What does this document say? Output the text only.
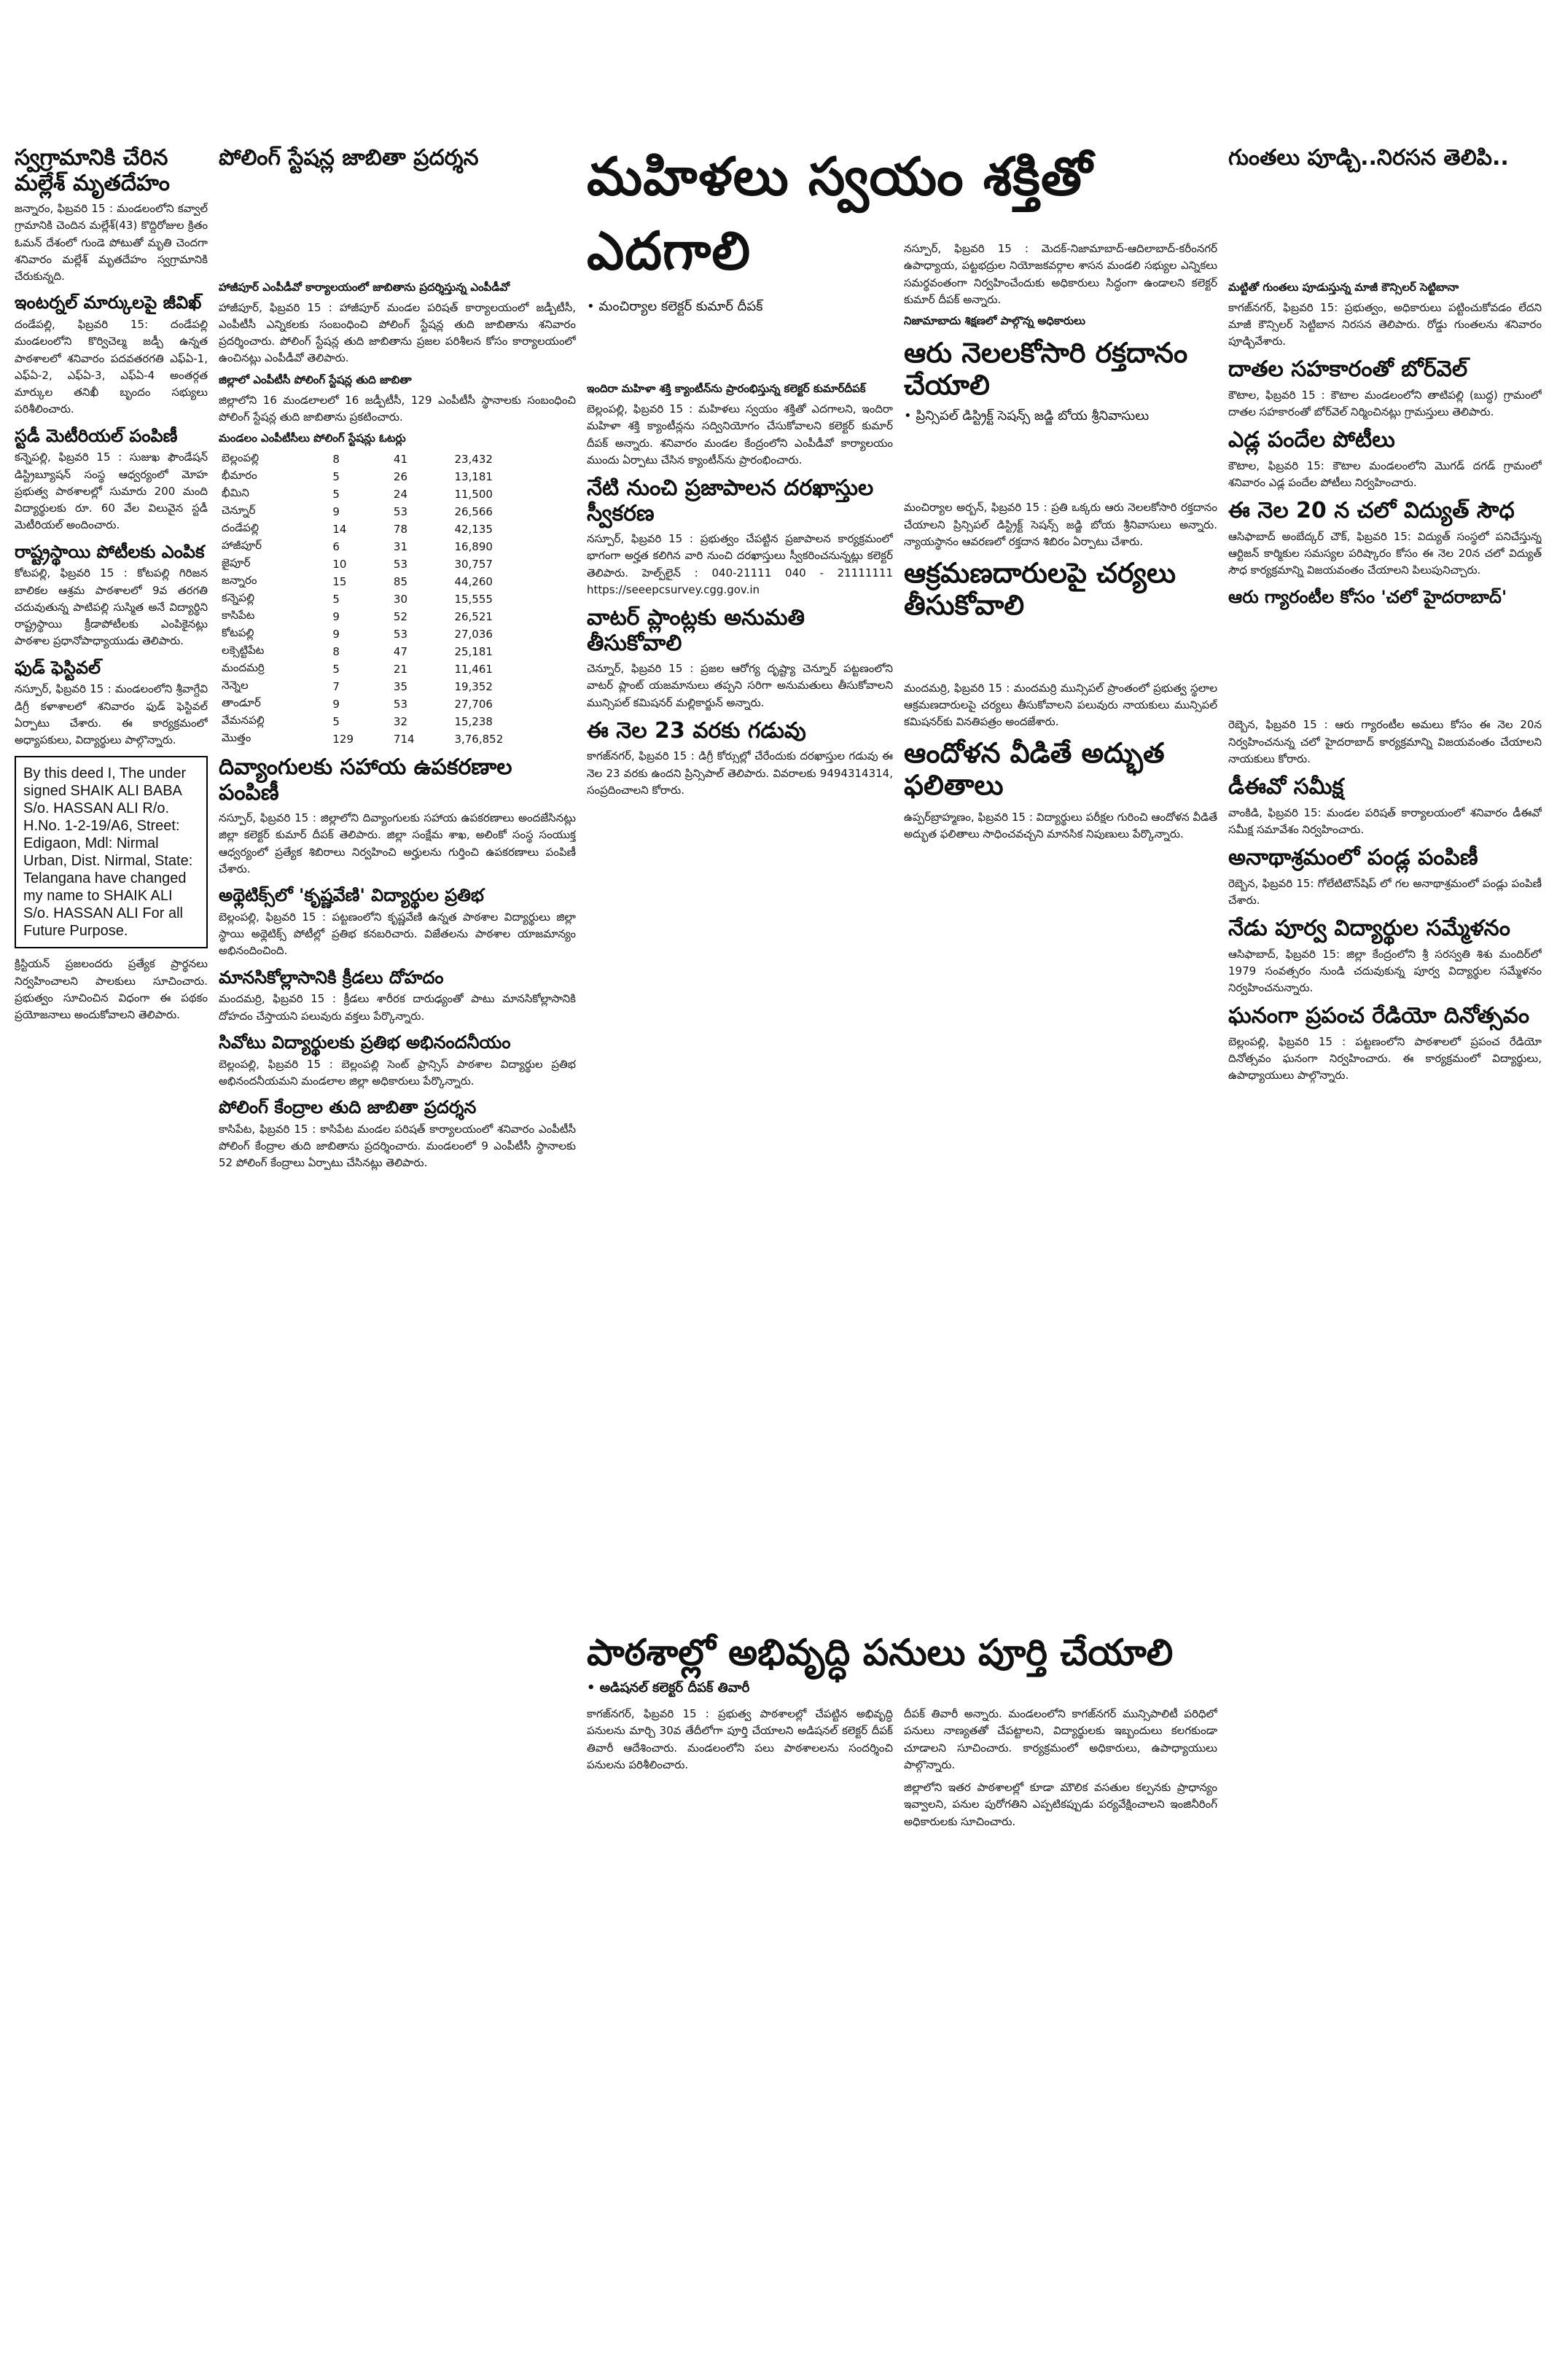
మహిళలు స్వయం శక్తితో ఎదగాలి
• మంచిర్యాల కలెక్టర్ కుమార్ దీపక్
స్వగ్రామానికి చేరిన మల్లేశ్ మృతదేహం

జన్నారం, ఫిబ్రవరి 15 : మండలంలోని కవ్వాల్ గ్రామానికి చెందిన మల్లేశ్(43) కొద్దిరోజుల క్రితం ఓమన్ దేశంలో గుండె పోటుతో మృతి చెందగా శనివారం మల్లేశ్ మృతదేహం స్వగ్రామానికి చేరుకున్నది.

ఇంటర్నల్ మార్కులపై జీవిఖ్

దండేపల్లి, ఫిబ్రవరి 15: దండేపల్లి మండలంలోని కొర్విచెల్మ జడ్పీ ఉన్నత పాఠశాలలో శనివారం పదవతరగతి ఎఫ్ఏ-1, ఎఫ్ఏ-2, ఎఫ్ఏ-3, ఎఫ్ఏ-4 అంతర్గత మార్కుల తనిఖీ బృందం సభ్యులు పరిశీలించారు.

స్టడీ మెటీరియల్ పంపిణీ

కన్నెపల్లి, ఫిబ్రవరి 15 : సుజుఖ ఫౌండేషన్ డిస్ట్రిబ్యూషన్ సంస్థ ఆధ్వర్యంలో మోహ ప్రభుత్వ పాఠశాలల్లో సుమారు 200 మంది విద్యార్థులకు రూ. 60 వేల విలువైన స్టడీ మెటీరియల్ అందించారు.

రాష్ట్రస్థాయి పోటీలకు ఎంపిక

కోటపల్లి, ఫిబ్రవరి 15 : కోటపల్లి గిరిజన బాలికల ఆశ్రమ పాఠశాలలో 9వ తరగతి చదువుతున్న పాటిపల్లి సుస్మిత అనే విద్యార్థిని రాష్ట్రస్థాయి క్రీడాపోటీలకు ఎంపికైనట్లు పాఠశాల ప్రధానోపాధ్యాయుడు తెలిపారు.

ఫుడ్ ఫెస్టివల్

నస్పూర్, ఫిబ్రవరి 15 : మండలంలోని శ్రీవాగ్దేవి డిగ్రీ కళాశాలలో శనివారం ఫుడ్ ఫెస్టివల్ ఏర్పాటు చేశారు. ఈ కార్యక్రమంలో అధ్యాపకులు, విద్యార్థులు పాల్గొన్నారు.

By this deed I, The under signed SHAIK ALI BABA S/o. HASSAN ALI R/o. H.No. 1-2-19/A6, Street: Edigaon, Mdl: Nirmal Urban, Dist. Nirmal, State: Telangana have changed my name to SHAIK ALI S/o. HASSAN ALI For all Future Purpose.

క్రిస్టియన్ ప్రజలందరు ప్రత్యేక ప్రార్థనలు నిర్వహించాలని పాలకులు సూచించారు. ప్రభుత్వం సూచించిన విధంగా ఈ పథకం ప్రయోజనాలు అందుకోవాలని తెలిపారు.

పోలింగ్ స్టేషన్ల జాబితా ప్రదర్శన
హాజీపూర్ ఎంపీడీవో కార్యాలయంలో జాబితాను ప్రదర్శిస్తున్న ఎంపీడీవో

హాజీపూర్, ఫిబ్రవరి 15 : హాజీపూర్ మండల పరిషత్ కార్యాలయంలో జడ్పీటీసీ, ఎంపీటీసీ ఎన్నికలకు సంబంధించి పోలింగ్ స్టేషన్ల తుది జాబితాను శనివారం ప్రదర్శించారు. పోలింగ్ స్టేషన్ల తుది జాబితాను ప్రజల పరిశీలన కోసం కార్యాలయంలో ఉంచినట్లు ఎంపీడీవో తెలిపారు.

జిల్లాలో ఎంపీటీసీ పోలింగ్ స్టేషన్ల తుది జాబితా

జిల్లాలోని 16 మండలాలలో 16 జడ్పీటీసీ, 129 ఎంపీటీసీ స్థానాలకు సంబంధించి పోలింగ్ స్టేషన్ల తుది జాబితాను ప్రకటించారు.

మండలం ఎంపీటీసీలు పోలింగ్ స్టేషన్లు ఓటర్లు
బెల్లంపల్లి	8	41	23,432
భీమారం	5	26	13,181
భీమిని	5	24	11,500
చెన్నూర్	9	53	26,566
దండేపల్లి	14	78	42,135
హాజీపూర్	6	31	16,890
జైపూర్	10	53	30,757
జన్నారం	15	85	44,260
కన్నెపల్లి	5	30	15,555
కాసిపేట	9	52	26,521
కోటపల్లి	9	53	27,036
లక్సెట్టిపేట	8	47	25,181
మందమర్రి	5	21	11,461
నెన్నెల	7	35	19,352
తాండూర్	9	53	27,706
వేమనపల్లి	5	32	15,238
మొత్తం	129	714	3,76,852
దివ్యాంగులకు సహాయ ఉపకరణాల పంపిణీ

నస్పూర్, ఫిబ్రవరి 15 : జిల్లాలోని దివ్యాంగులకు సహాయ ఉపకరణాలు అందజేసినట్లు జిల్లా కలెక్టర్ కుమార్ దీపక్ తెలిపారు. జిల్లా సంక్షేమ శాఖ, అలింకో సంస్థ సంయుక్త ఆధ్వర్యంలో ప్రత్యేక శిబిరాలు నిర్వహించి అర్హులను గుర్తించి ఉపకరణాలు పంపిణీ చేశారు.

అథ్లెటిక్స్‌లో 'కృష్ణవేణి' విద్యార్థుల ప్రతిభ

బెల్లంపల్లి, ఫిబ్రవరి 15 : పట్టణంలోని కృష్ణవేణి ఉన్నత పాఠశాల విద్యార్థులు జిల్లా స్థాయి అథ్లెటిక్స్ పోటీల్లో ప్రతిభ కనబరిచారు. విజేతలను పాఠశాల యాజమాన్యం అభినందించింది.

మానసికోల్లాసానికి క్రీడలు దోహదం

మందమర్రి, ఫిబ్రవరి 15 : క్రీడలు శారీరక దారుఢ్యంతో పాటు మానసికోల్లాసానికి దోహదం చేస్తాయని పలువురు వక్తలు పేర్కొన్నారు.

సివోటు విద్యార్థులకు ప్రతిభ అభినందనీయం

బెల్లంపల్లి, ఫిబ్రవరి 15 : బెల్లంపల్లి సెంట్ ఫ్రాన్సిస్ పాఠశాల విద్యార్థుల ప్రతిభ అభినందనీయమని మండలాల జిల్లా అధికారులు పేర్కొన్నారు.

పోలింగ్ కేంద్రాల తుది జాబితా ప్రదర్శన

కాసిపేట, ఫిబ్రవరి 15 : కాసిపేట మండల పరిషత్ కార్యాలయంలో శనివారం ఎంపీటీసీ పోలింగ్ కేంద్రాల తుది జాబితాను ప్రదర్శించారు. మండలంలో 9 ఎంపీటీసీ స్థానాలకు 52 పోలింగ్ కేంద్రాలు ఏర్పాటు చేసినట్లు తెలిపారు.

ఇందిరా మహిళా శక్తి క్యాంటీన్‌ను ప్రారంభిస్తున్న కలెక్టర్ కుమార్‌దీపక్

బెల్లంపల్లి, ఫిబ్రవరి 15 : మహిళలు స్వయం శక్తితో ఎదగాలని, ఇందిరా మహిళా శక్తి క్యాంటీన్లను సద్వినియోగం చేసుకోవాలని కలెక్టర్ కుమార్ దీపక్ అన్నారు. శనివారం మండల కేంద్రంలోని ఎంపీడీవో కార్యాలయం ముందు ఏర్పాటు చేసిన క్యాంటీన్‌ను ప్రారంభించారు.

నేటి నుంచి ప్రజాపాలన దరఖాస్తుల స్వీకరణ

నస్పూర్, ఫిబ్రవరి 15 : ప్రభుత్వం చేపట్టిన ప్రజాపాలన కార్యక్రమంలో భాగంగా అర్హత కలిగిన వారి నుంచి దరఖాస్తులు స్వీకరించనున్నట్లు కలెక్టర్ తెలిపారు. హెల్ప్‌లైన్ : 040-21111 040 - 21111111 https://seeepcsurvey.cgg.gov.in

వాటర్ ప్లాంట్లకు అనుమతి తీసుకోవాలి

చెన్నూర్, ఫిబ్రవరి 15 : ప్రజల ఆరోగ్య దృష్ట్యా చెన్నూర్ పట్టణంలోని వాటర్ ప్లాంట్ యజమానులు తప్పని సరిగా అనుమతులు తీసుకోవాలని మున్సిపల్ కమిషనర్ మల్లికార్జున్ అన్నారు.

ఈ నెల 23 వరకు గడువు

కాగజ్‌నగర్, ఫిబ్రవరి 15 : డిగ్రీ కోర్సుల్లో చేరేందుకు దరఖాస్తుల గడువు ఈ నెల 23 వరకు ఉందని ప్రిన్సిపాల్ తెలిపారు. వివరాలకు 9494314314, సంప్రదించాలని కోరారు.

నస్పూర్, ఫిబ్రవరి 15 : మెదక్-నిజామాబాద్-ఆదిలాబాద్-కరీంనగర్ ఉపాధ్యాయ, పట్టభద్రుల నియోజకవర్గాల శాసన మండలి సభ్యుల ఎన్నికలు సమర్థవంతంగా నిర్వహించేందుకు అధికారులు సిద్ధంగా ఉండాలని కలెక్టర్ కుమార్ దీపక్ అన్నారు.

నిజామాబాదు శిక్షణలో పాల్గొన్న అధికారులు
ఆరు నెలలకోసారి రక్తదానం చేయాలి
• ప్రిన్సిపల్ డిస్ట్రిక్ట్ సెషన్స్ జడ్జి బోయ శ్రీనివాసులు

మంచిర్యాల అర్బన్, ఫిబ్రవరి 15 : ప్రతి ఒక్కరు ఆరు నెలలకోసారి రక్తదానం చేయాలని ప్రిన్సిపల్ డిస్ట్రిక్ట్ సెషన్స్ జడ్జి బోయ శ్రీనివాసులు అన్నారు. న్యాయస్థానం ఆవరణలో రక్తదాన శిబిరం ఏర్పాటు చేశారు.

ఆక్రమణదారులపై చర్యలు తీసుకోవాలి

మందమర్రి, ఫిబ్రవరి 15 : మందమర్రి మున్సిపల్ ప్రాంతంలో ప్రభుత్వ స్థలాల ఆక్రమణదారులపై చర్యలు తీసుకోవాలని పలువురు నాయకులు మున్సిపల్ కమిషనర్‌కు వినతిపత్రం అందజేశారు.

ఆందోళన వీడితే అద్భుత ఫలితాలు

ఉప్పర్‌బ్రాహ్మణం, ఫిబ్రవరి 15 : విద్యార్థులు పరీక్షల గురించి ఆందోళన వీడితే అద్భుత ఫలితాలు సాధించవచ్చని మానసిక నిపుణులు పేర్కొన్నారు.

పాఠశాల్లో అభివృద్ధి పనులు పూర్తి చేయాలి
• అడిషనల్ కలెక్టర్ దీపక్ తివారీ

కాగజ్‌నగర్, ఫిబ్రవరి 15 : ప్రభుత్వ పాఠశాలల్లో చేపట్టిన అభివృద్ధి పనులను మార్చి 30వ తేదీలోగా పూర్తి చేయాలని అడిషనల్ కలెక్టర్ దీపక్ తివారీ ఆదేశించారు. మండలంలోని పలు పాఠశాలలను సందర్శించి పనులను పరిశీలించారు.

దీపక్ తివారీ అన్నారు. మండలంలోని కాగజ్‌నగర్ మున్సిపాలిటీ పరిధిలో పనులు నాణ్యతతో చేపట్టాలని, విద్యార్థులకు ఇబ్బందులు కలగకుండా చూడాలని సూచించారు. కార్యక్రమంలో అధికారులు, ఉపాధ్యాయులు పాల్గొన్నారు.

జిల్లాలోని ఇతర పాఠశాలల్లో కూడా మౌలిక వసతుల కల్పనకు ప్రాధాన్యం ఇవ్వాలని, పనుల పురోగతిని ఎప్పటికప్పుడు పర్యవేక్షించాలని ఇంజినీరింగ్ అధికారులకు సూచించారు.

గుంతలు పూడ్చి..నిరసన తెలిపి..
మట్టితో గుంతలు పూడుస్తున్న మాజీ కౌన్సిలర్ సెట్టిబానా

కాగజ్‌నగర్, ఫిబ్రవరి 15: ప్రభుత్వం, అధికారులు పట్టించుకోవడం లేదని మాజీ కౌన్సిలర్ సెట్టిబాన నిరసన తెలిపారు. రోడ్డు గుంతలను శనివారం పూడ్చివేశారు.

దాతల సహకారంతో బోర్‌వెల్

కౌటాల, ఫిబ్రవరి 15 : కౌటాల మండలంలోని తాటిపల్లి (బుద్ధ) గ్రామంలో దాతల సహకారంతో బోర్‌వెల్ నిర్మించినట్లు గ్రామస్తులు తెలిపారు.

ఎడ్ల పందేల పోటీలు

కౌటాల, ఫిబ్రవరి 15: కౌటాల మండలంలోని మొగడ్ దగడ్ గ్రామంలో శనివారం ఎడ్ల పందేల పోటీలు నిర్వహించారు.

ఈ నెల 20 న చలో విద్యుత్ సౌధ

ఆసిఫాబాద్ అంబేద్కర్ చౌక్, ఫిబ్రవరి 15: విద్యుత్ సంస్థలో పనిచేస్తున్న ఆర్టిజన్ కార్మికుల సమస్యల పరిష్కారం కోసం ఈ నెల 20న చలో విద్యుత్ సౌధ కార్యక్రమాన్ని విజయవంతం చేయాలని పిలుపునిచ్చారు.

ఆరు గ్యారంటీల కోసం 'చలో హైదరాబాద్'

రెబ్బెన, ఫిబ్రవరి 15 : ఆరు గ్యారంటీల అమలు కోసం ఈ నెల 20న నిర్వహించనున్న చలో హైదరాబాద్ కార్యక్రమాన్ని విజయవంతం చేయాలని నాయకులు కోరారు.

డీఈవో సమీక్ష

వాంకిడి, ఫిబ్రవరి 15: మండల పరిషత్ కార్యాలయంలో శనివారం డీఈవో సమీక్ష సమావేశం నిర్వహించారు.

అనాథాశ్రమంలో పండ్ల పంపిణీ

రెబ్బెన, ఫిబ్రవరి 15: గోలేటిటౌన్‌షిప్ లో గల అనాథాశ్రమంలో పండ్లు పంపిణీ చేశారు.

నేడు పూర్వ విద్యార్థుల సమ్మేళనం

ఆసిఫాబాద్, ఫిబ్రవరి 15: జిల్లా కేంద్రంలోని శ్రీ సరస్వతి శిశు మందిర్‌లో 1979 సంవత్సరం నుండి చదువుకున్న పూర్వ విద్యార్థుల సమ్మేళనం నిర్వహించనున్నారు.

ఘనంగా ప్రపంచ రేడియో దినోత్సవం

బెల్లంపల్లి, ఫిబ్రవరి 15 : పట్టణంలోని పాఠశాలలో ప్రపంచ రేడియో దినోత్సవం ఘనంగా నిర్వహించారు. ఈ కార్యక్రమంలో విద్యార్థులు, ఉపాధ్యాయులు పాల్గొన్నారు.
